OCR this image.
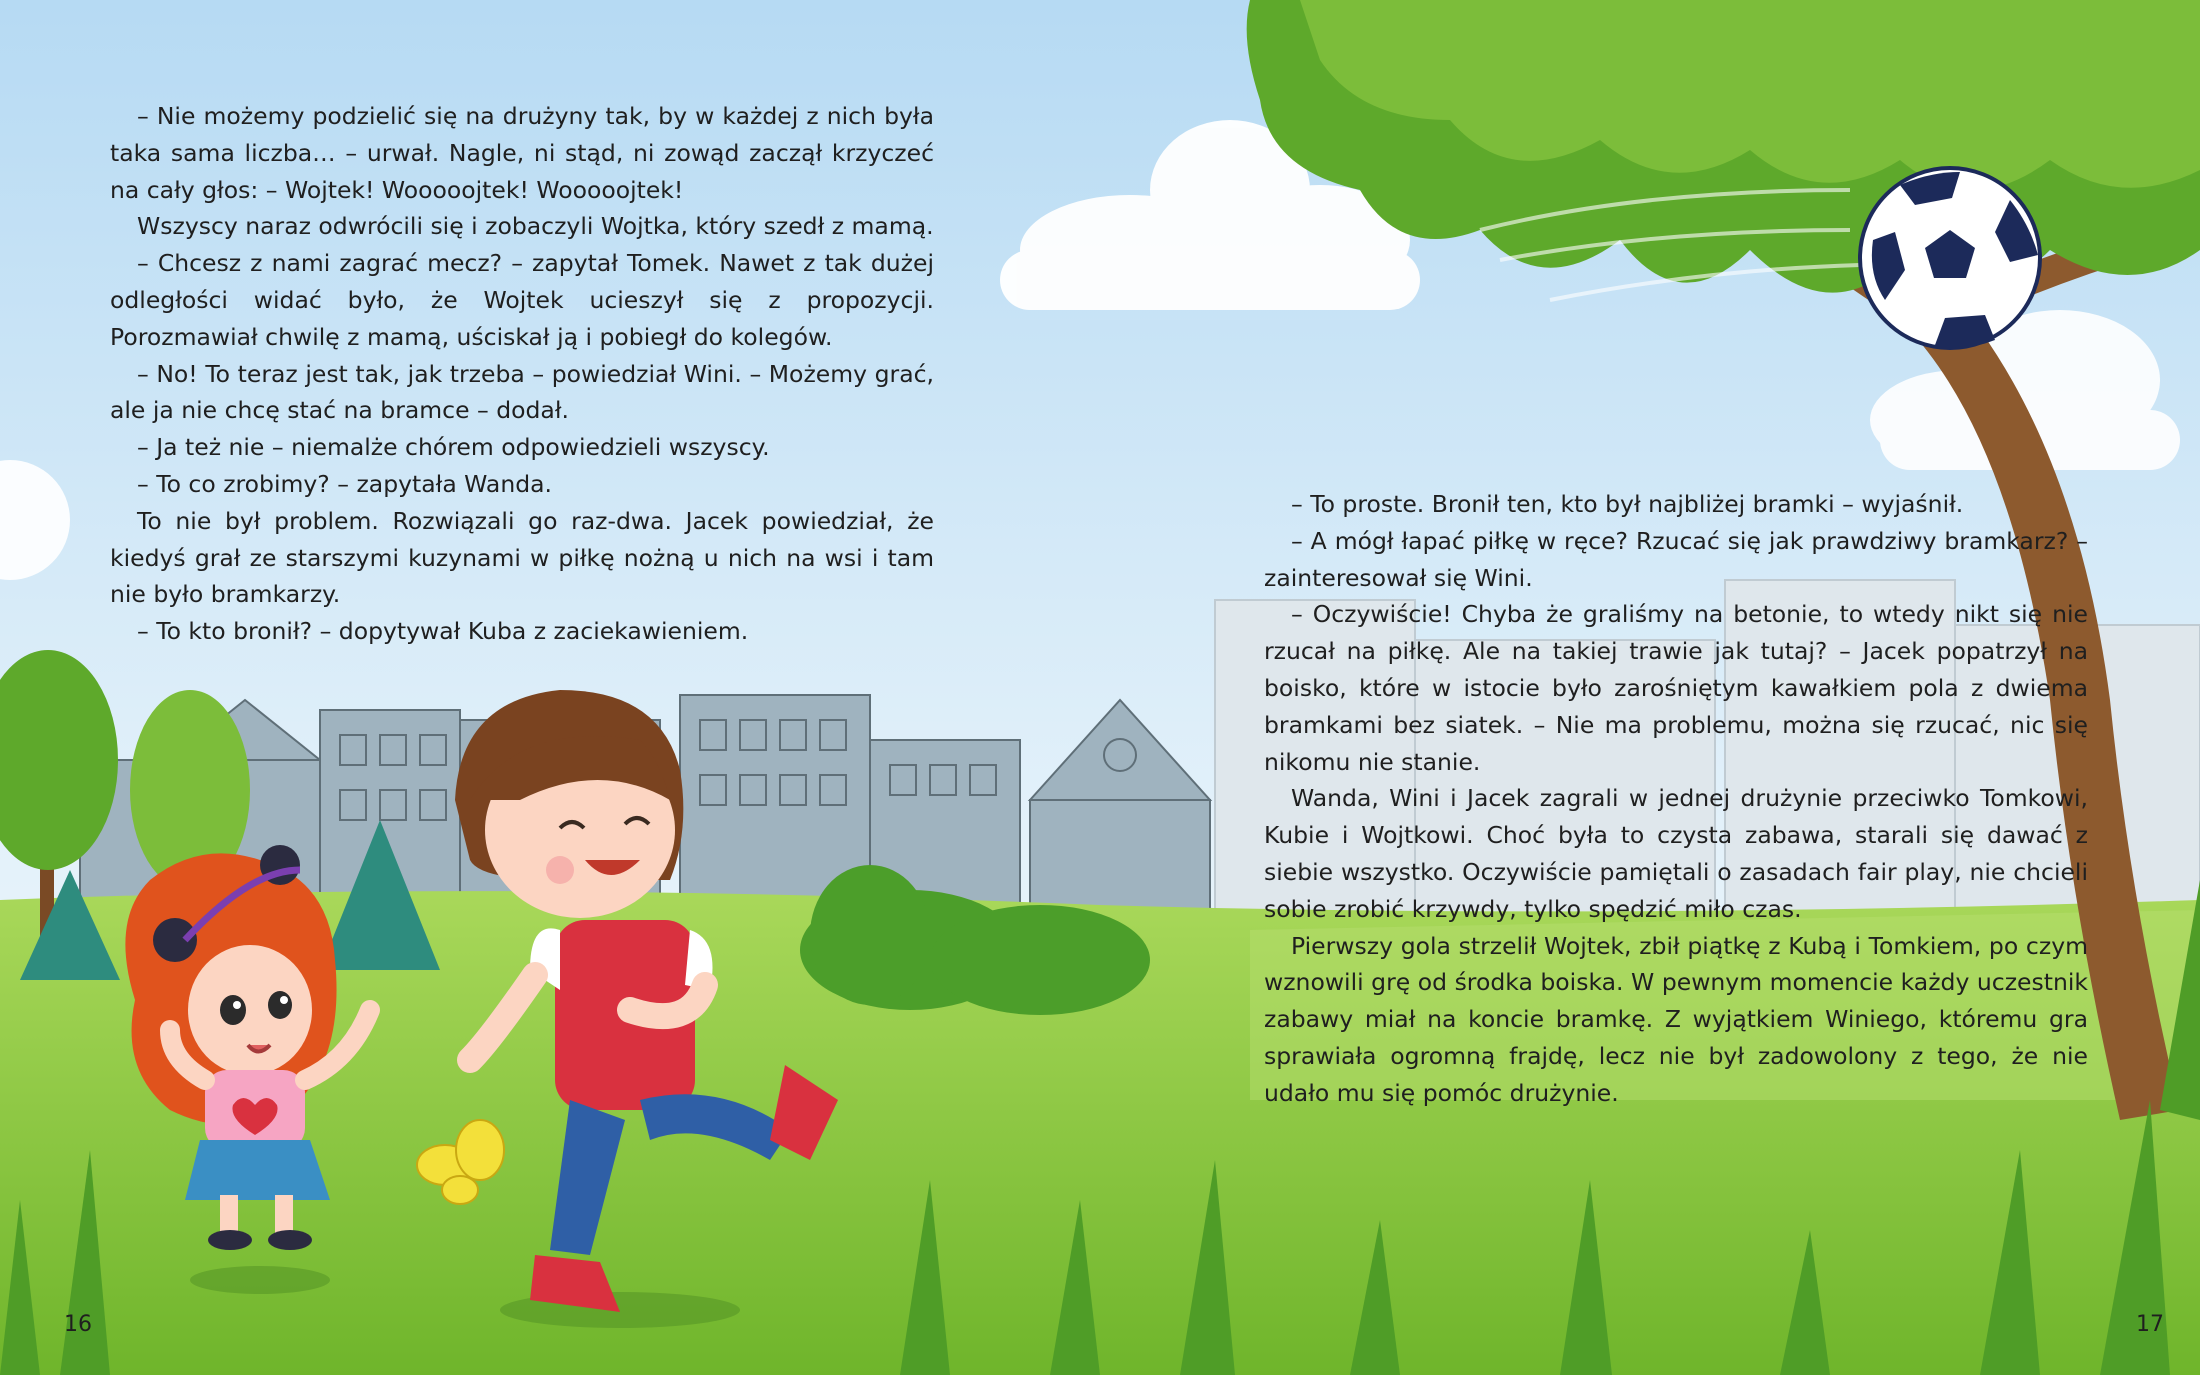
– Nie możemy podzielić się na drużyny tak, by w każdej z nich była taka sama liczba… – urwał. Nagle, ni stąd, ni zowąd zaczął krzyczeć na cały głos: – Wojtek! Wooooojtek! Wooooojtek!

Wszyscy naraz odwrócili się i zobaczyli Wojtka, który szedł z mamą.

– Chcesz z nami zagrać mecz? – zapytał Tomek. Nawet z tak dużej odległości widać było, że Wojtek ucieszył się z propozycji. Porozmawiał chwilę z mamą, uściskał ją i pobiegł do kolegów.

– No! To teraz jest tak, jak trzeba – powiedział Wini. – Możemy grać, ale ja nie chcę stać na bramce – dodał.

– Ja też nie – niemalże chórem odpowiedzieli wszyscy.

– To co zrobimy? – zapytała Wanda.

To nie był problem. Rozwiązali go raz-dwa. Jacek powiedział, że kiedyś grał ze starszymi kuzynami w piłkę nożną u nich na wsi i tam nie było bramkarzy.

– To kto bronił? – dopytywał Kuba z zaciekawieniem.

– To proste. Bronił ten, kto był najbliżej bramki – wyjaśnił.

– A mógł łapać piłkę w ręce? Rzucać się jak prawdziwy bramkarz? – zainteresował się Wini.

– Oczywiście! Chyba że graliśmy na betonie, to wtedy nikt się nie rzucał na piłkę. Ale na takiej trawie jak tutaj? – Jacek popatrzył na boisko, które w istocie było zarośniętym kawałkiem pola z dwiema bramkami bez siatek. – Nie ma problemu, można się rzucać, nic się nikomu nie stanie.

Wanda, Wini i Jacek zagrali w jednej drużynie przeciwko Tomkowi, Kubie i Wojtkowi. Choć była to czysta zabawa, starali się dawać z siebie wszystko. Oczywiście pamiętali o zasadach fair play, nie chcieli sobie zrobić krzywdy, tylko spędzić miło czas.

Pierwszy gola strzelił Wojtek, zbił piątkę z Kubą i Tomkiem, po czym wznowili grę od środka boiska. W pewnym momencie każdy uczestnik zabawy miał na koncie bramkę. Z wyjątkiem Winiego, któremu gra sprawiała ogromną frajdę, lecz nie był zadowolony z tego, że nie udało mu się pomóc drużynie.

16	17
